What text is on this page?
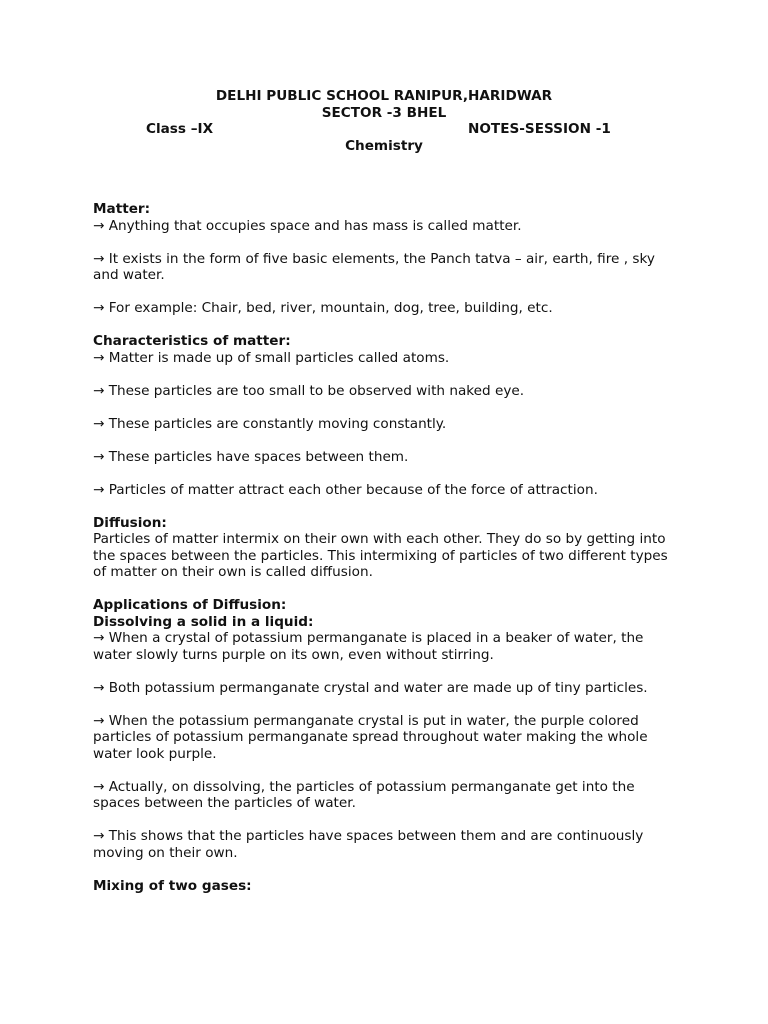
DELHI PUBLIC SCHOOL RANIPUR,HARIDWAR
SECTOR -3 BHEL
Class –IX	NOTES-SESSION -1
Chemistry

Matter:

→ Anything that occupies space and has mass is called matter.

→ It exists in the form of five basic elements, the Panch tatva – air, earth, fire , sky and water.

→ For example: Chair, bed, river, mountain, dog, tree, building, etc.

Characteristics of matter:

→ Matter is made up of small particles called atoms.

→ These particles are too small to be observed with naked eye.

→ These particles are constantly moving constantly.

→ These particles have spaces between them.

→ Particles of matter attract each other because of the force of attraction.

Diffusion:

Particles of matter intermix on their own with each other. They do so by getting into the spaces between the particles. This intermixing of particles of two different types of matter on their own is called diffusion.

Applications of Diffusion:

Dissolving a solid in a liquid:

→ When a crystal of potassium permanganate is placed in a beaker of water, the water slowly turns purple on its own, even without stirring.

→ Both potassium permanganate crystal and water are made up of tiny particles.

→ When the potassium permanganate crystal is put in water, the purple colored particles of potassium permanganate spread throughout water making the whole water look purple.

→ Actually, on dissolving, the particles of potassium permanganate get into the spaces between the particles of water.

→ This shows that the particles have spaces between them and are continuously moving on their own.

Mixing of two gases:
